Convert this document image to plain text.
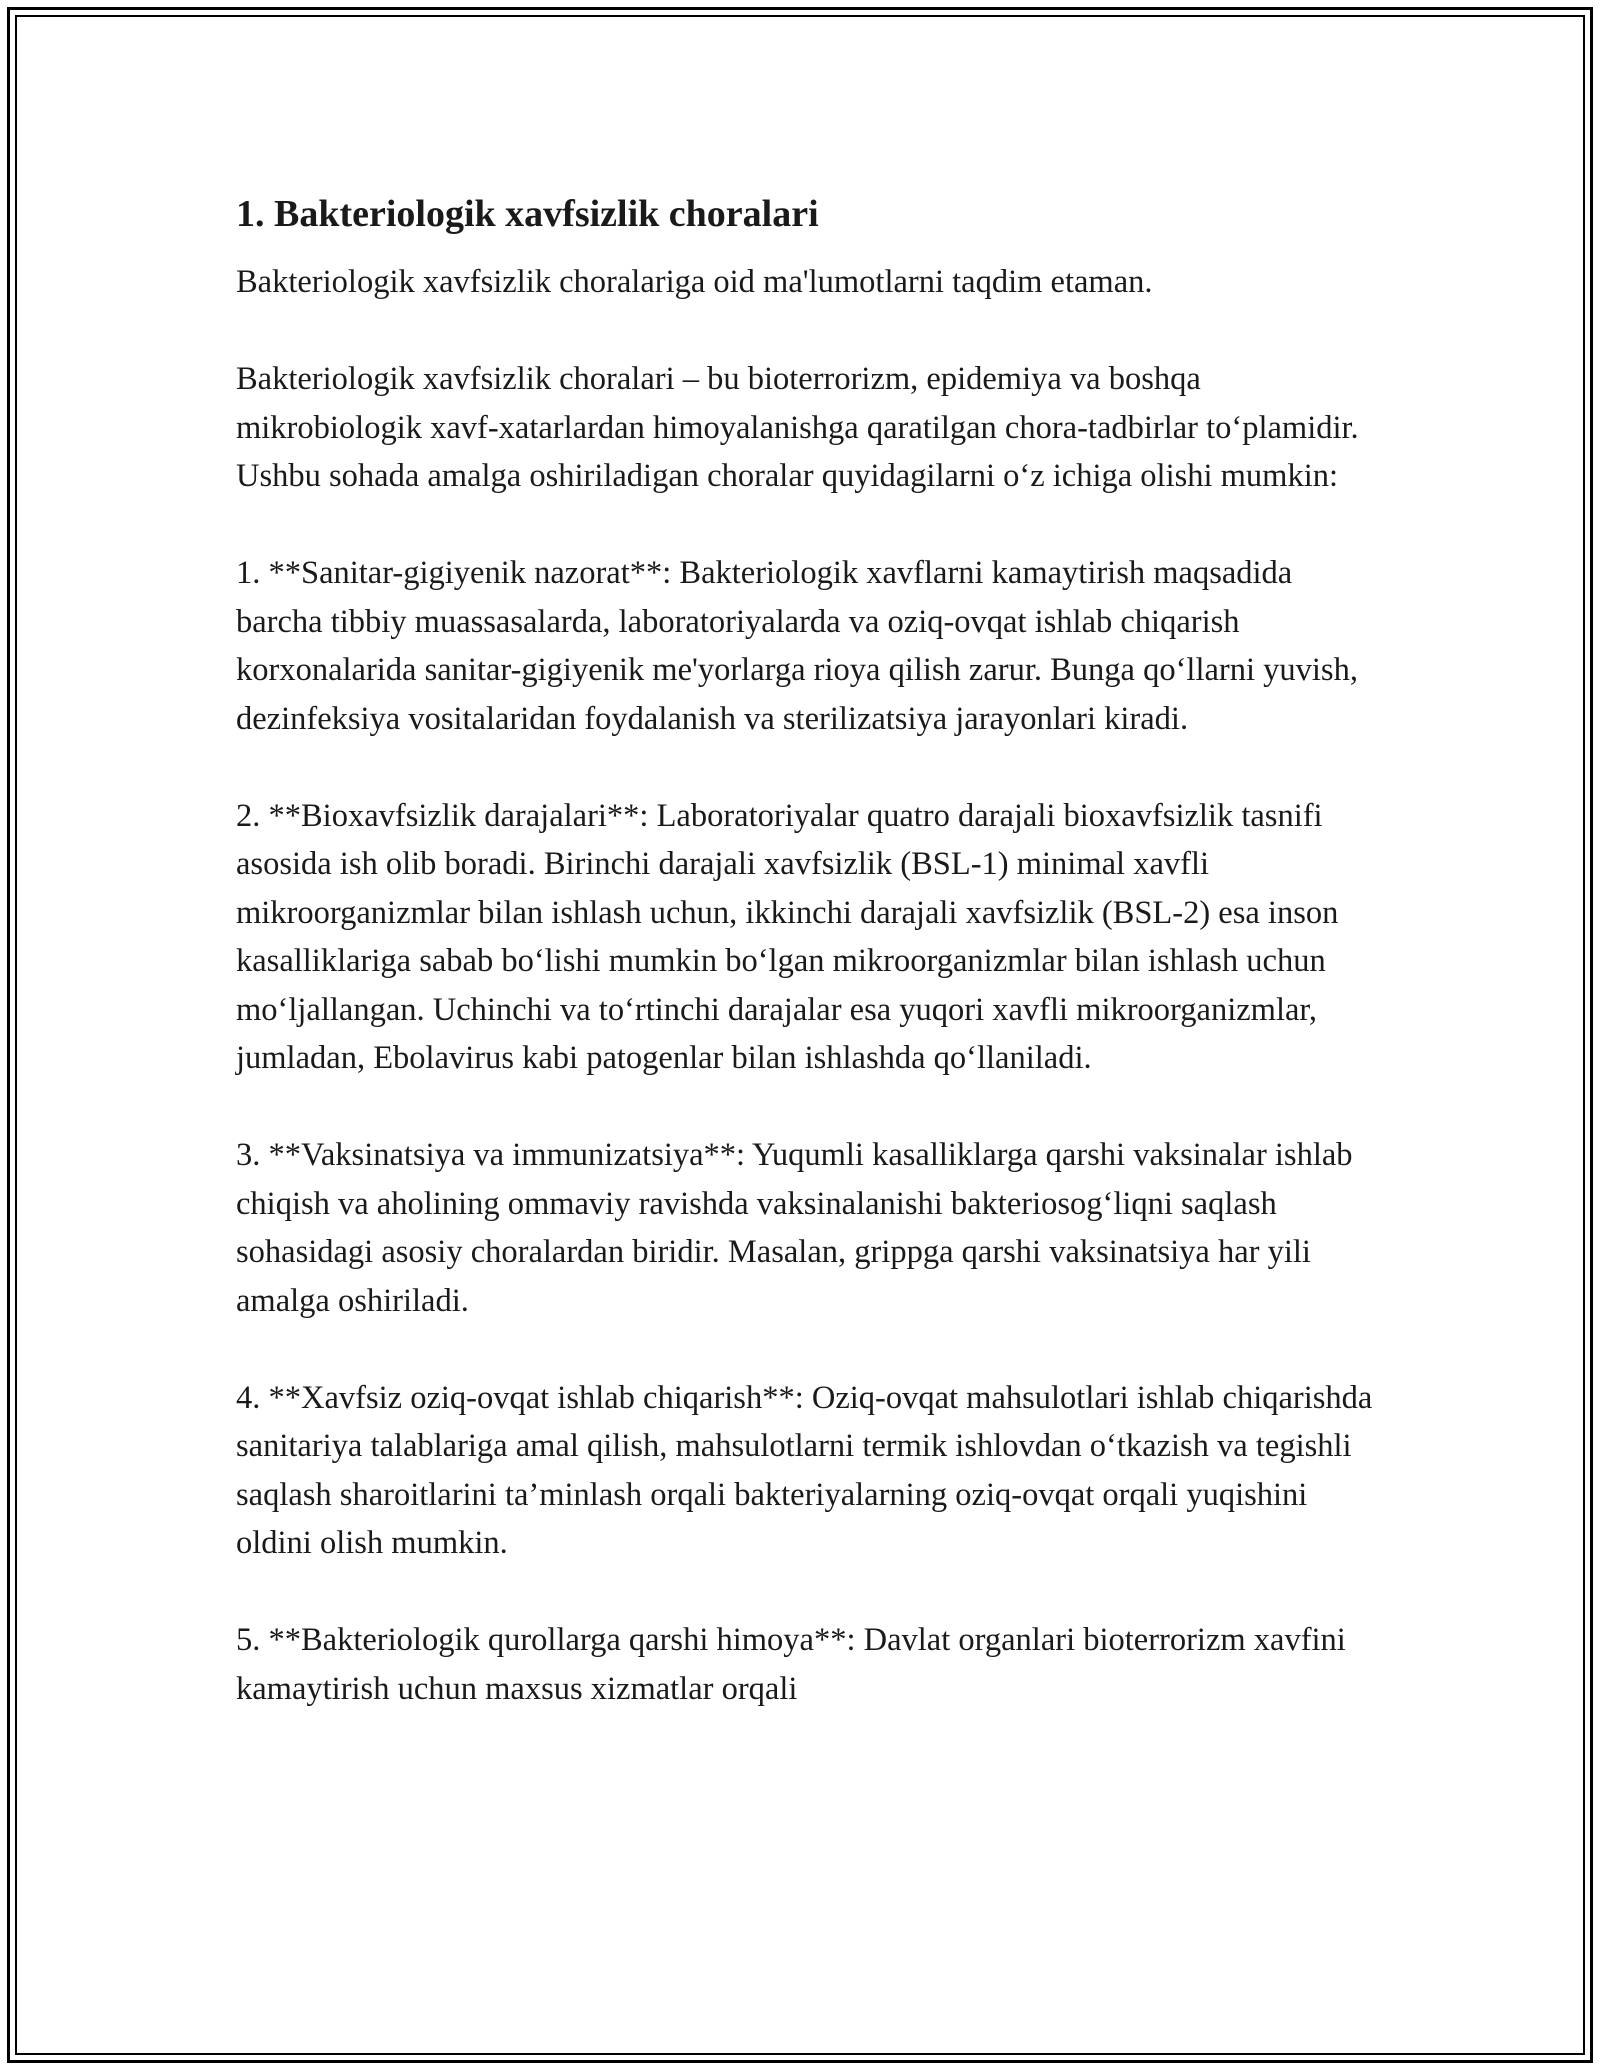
1. Bakteriologik xavfsizlik choralari

Bakteriologik xavfsizlik choralariga oid ma'lumotlarni taqdim etaman.

Bakteriologik xavfsizlik choralari – bu bioterrorizm, epidemiya va boshqa mikrobiologik xavf-xatarlardan himoyalanishga qaratilgan chora-tadbirlar to‘plamidir. Ushbu sohada amalga oshiriladigan choralar quyidagilarni o‘z ichiga olishi mumkin:

1. **Sanitar-gigiyenik nazorat**: Bakteriologik xavflarni kamaytirish maqsadida barcha tibbiy muassasalarda, laboratoriyalarda va oziq-ovqat ishlab chiqarish korxonalarida sanitar-gigiyenik me'yorlarga rioya qilish zarur. Bunga qo‘llarni yuvish, dezinfeksiya vositalaridan foydalanish va sterilizatsiya jarayonlari kiradi.

2. **Bioxavfsizlik darajalari**: Laboratoriyalar quatro darajali bioxavfsizlik tasnifi asosida ish olib boradi. Birinchi darajali xavfsizlik (BSL-1) minimal xavfli mikroorganizmlar bilan ishlash uchun, ikkinchi darajali xavfsizlik (BSL-2) esa inson kasalliklariga sabab bo‘lishi mumkin bo‘lgan mikroorganizmlar bilan ishlash uchun mo‘ljallangan. Uchinchi va to‘rtinchi darajalar esa yuqori xavfli mikroorganizmlar, jumladan, Ebolavirus kabi patogenlar bilan ishlashda qo‘llaniladi.

3. **Vaksinatsiya va immunizatsiya**: Yuqumli kasalliklarga qarshi vaksinalar ishlab chiqish va aholining ommaviy ravishda vaksinalanishi bakteriosog‘liqni saqlash sohasidagi asosiy choralardan biridir. Masalan, grippga qarshi vaksinatsiya har yili amalga oshiriladi.

4. **Xavfsiz oziq-ovqat ishlab chiqarish**: Oziq-ovqat mahsulotlari ishlab chiqarishda sanitariya talablariga amal qilish, mahsulotlarni termik ishlovdan o‘tkazish va tegishli saqlash sharoitlarini ta’minlash orqali bakteriyalarning oziq-ovqat orqali yuqishini oldini olish mumkin.

5. **Bakteriologik qurollarga qarshi himoya**: Davlat organlari bioterrorizm xavfini kamaytirish uchun maxsus xizmatlar orqali
